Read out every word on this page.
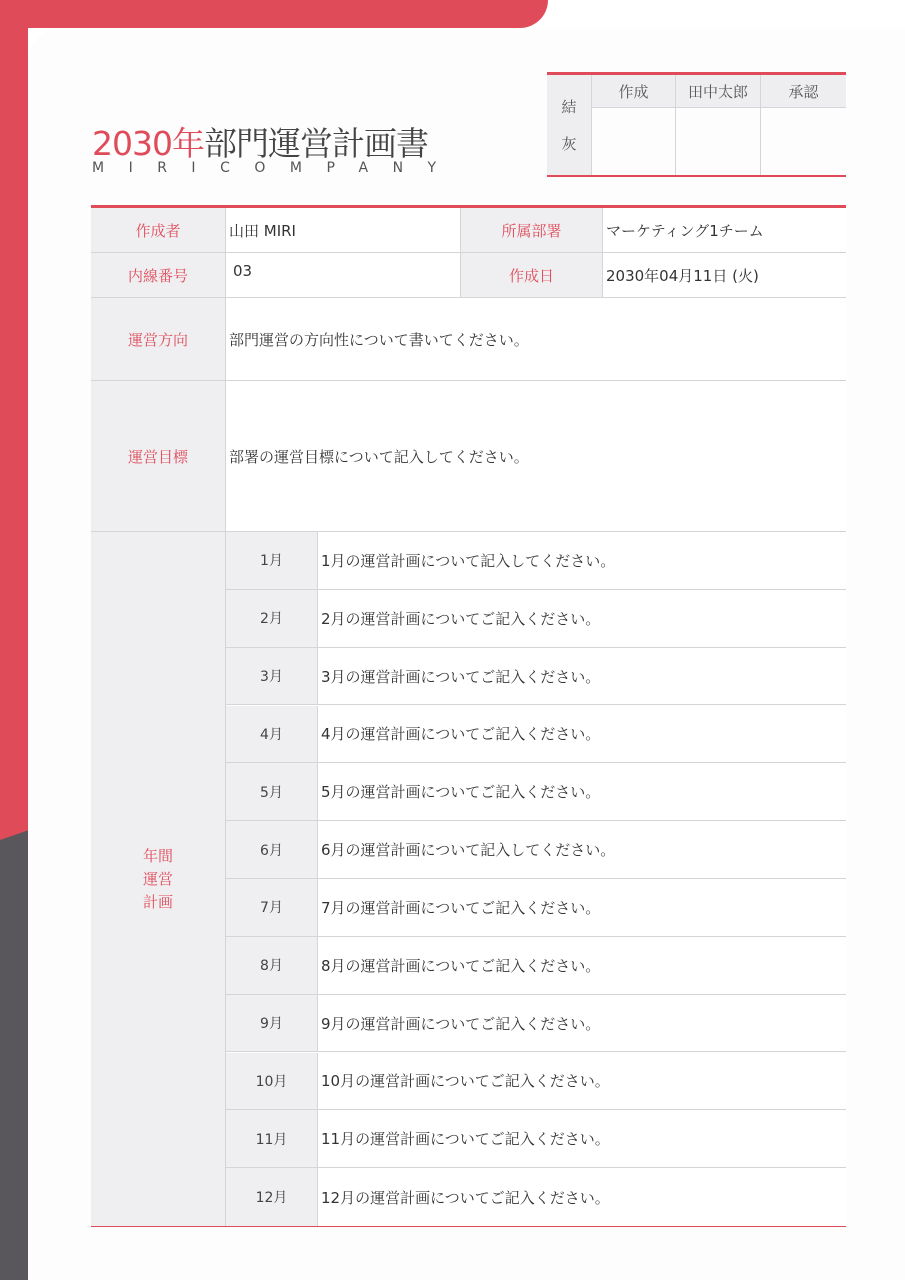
2030年部門運営計画書
MIRICOMPANY
結
灰
作成	田中太郎	承認
作成者	山田 MIRI	所属部署	マーケティング1チーム
内線番号	03	作成日	2030年04月11日 (火)
運営方向	部門運営の方向性について書いてください。
運営目標	部署の運営目標について記入してください。
年間
運営
計画
1月	1月の運営計画について記入してください。
2月	2月の運営計画についてご記入ください。
3月	3月の運営計画についてご記入ください。
4月	4月の運営計画についてご記入ください。
5月	5月の運営計画についてご記入ください。
6月	6月の運営計画について記入してください。
7月	7月の運営計画についてご記入ください。
8月	8月の運営計画についてご記入ください。
9月	9月の運営計画についてご記入ください。
10月	10月の運営計画についてご記入ください。
11月	11月の運営計画についてご記入ください。
12月	12月の運営計画についてご記入ください。
